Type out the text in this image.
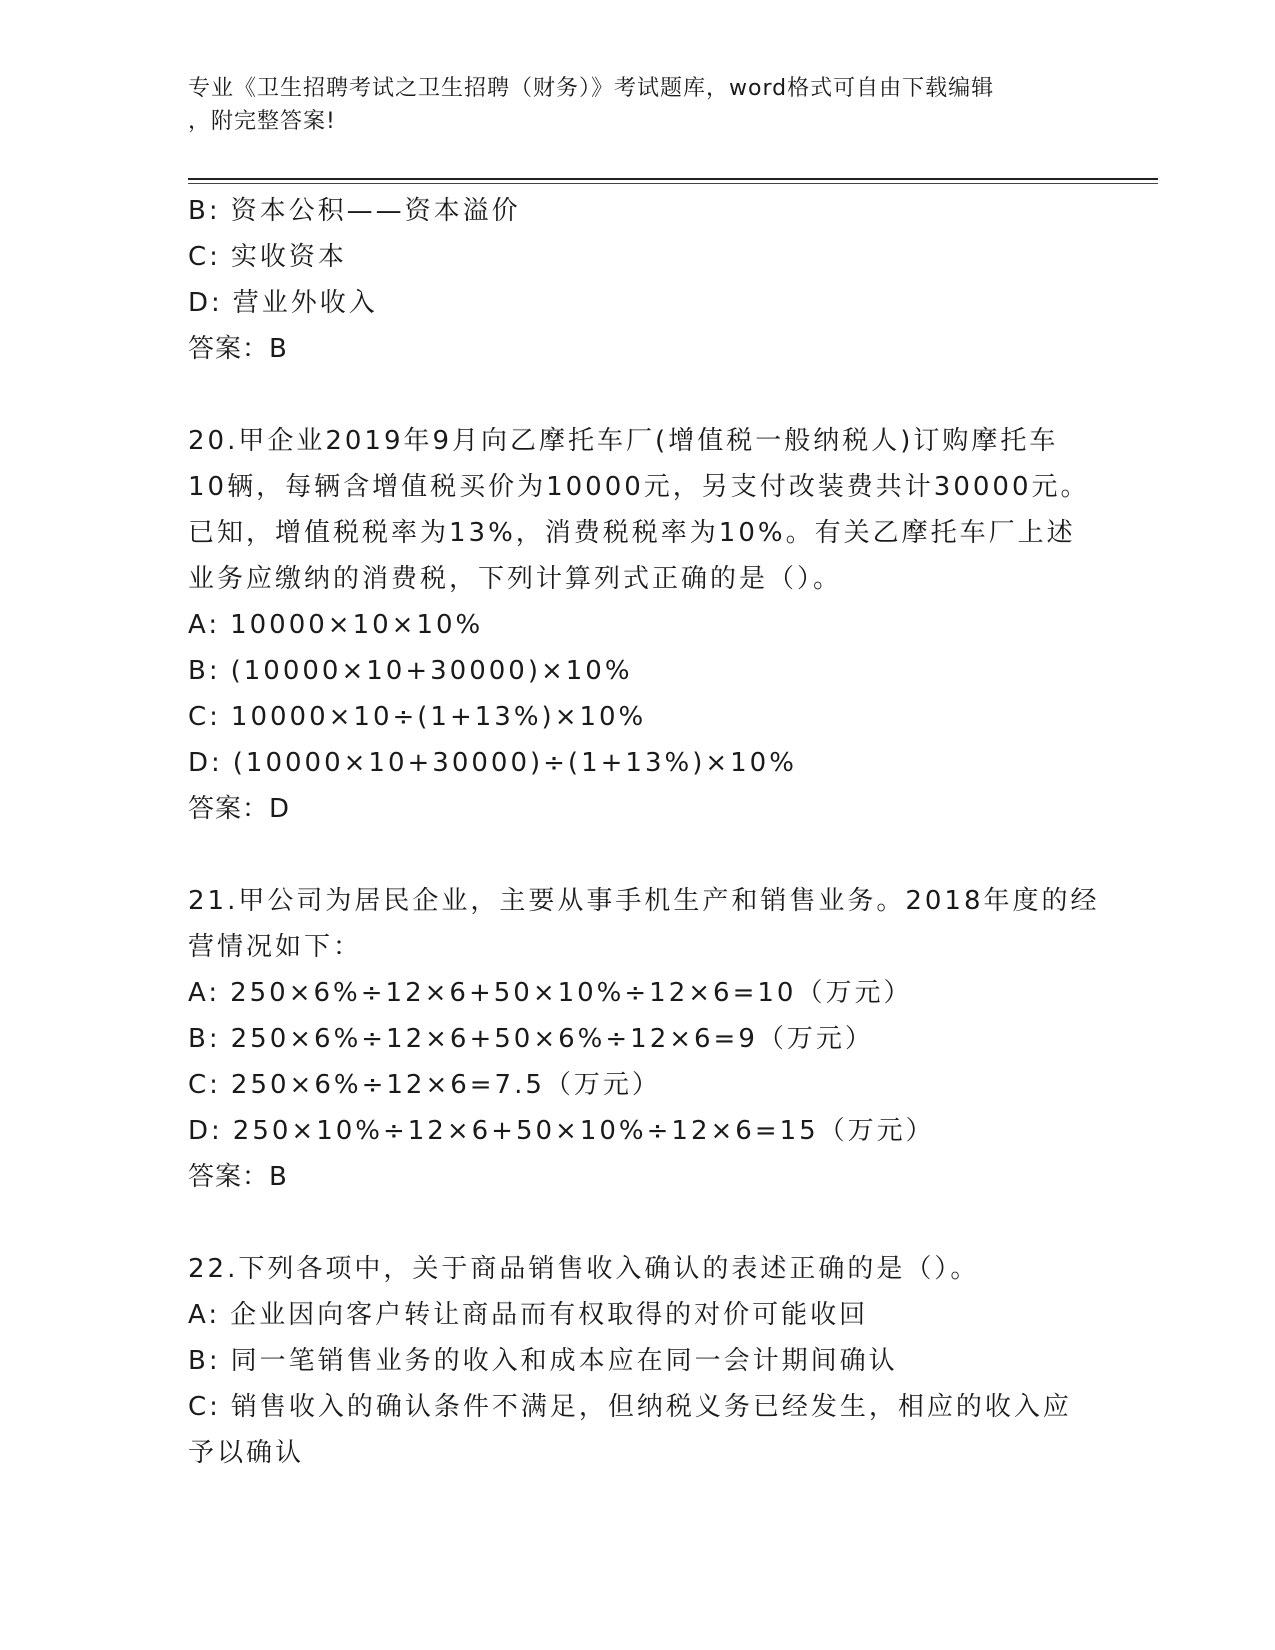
专业《卫生招聘考试之卫生招聘（财务）》考试题库，word格式可自由下载编辑
，附完整答案!
B: 资本公积——资本溢价
C: 实收资本
D: 营业外收入
答案：B
20.甲企业2019年9月向乙摩托车厂(增值税一般纳税人)订购摩托车
10辆，每辆含增值税买价为10000元，另支付改装费共计30000元。
已知，增值税税率为13%，消费税税率为10%。有关乙摩托车厂上述
业务应缴纳的消费税，下列计算列式正确的是（）。
A: 10000×10×10%
B: (10000×10+30000)×10%
C: 10000×10÷(1+13%)×10%
D: (10000×10+30000)÷(1+13%)×10%
答案：D
21.甲公司为居民企业，主要从事手机生产和销售业务。2018年度的经
营情况如下：
A: 250×6%÷12×6+50×10%÷12×6=10（万元）
B: 250×6%÷12×6+50×6%÷12×6=9（万元）
C: 250×6%÷12×6=7.5（万元）
D: 250×10%÷12×6+50×10%÷12×6=15（万元）
答案：B
22.下列各项中，关于商品销售收入确认的表述正确的是（）。
A: 企业因向客户转让商品而有权取得的对价可能收回
B: 同一笔销售业务的收入和成本应在同一会计期间确认
C: 销售收入的确认条件不满足，但纳税义务已经发生，相应的收入应
予以确认
